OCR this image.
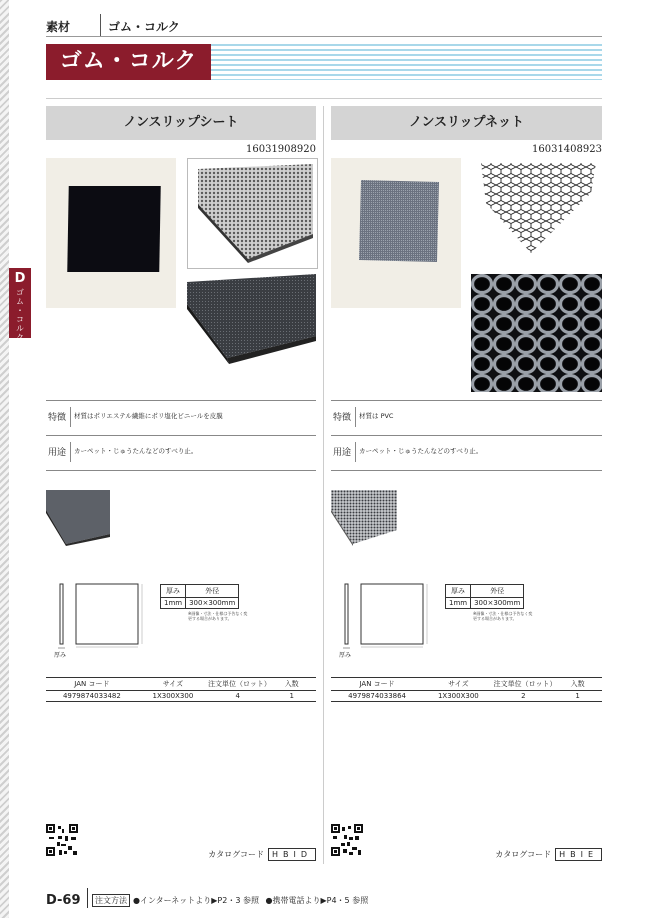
素材	ゴム・コルク
ゴム・コルク
D
ゴム・コルク
ノンスリップシート
16031908920
特徴	材質はポリエステル繊維にポリ塩化ビニールを皮膜
用途	カーペット・じゅうたんなどのすべり止。
厚み
厚み	外径
1mm	300×300mm
※画像・寸法・仕様は予告なく変更する場合があります。
JAN コード	サイズ	注文単位（ロット）	入数
4979874033482	1X300X300	4	1
カタログコード	HBID
ノンスリップネット
16031408923
特徴	材質は PVC
用途	カーペット・じゅうたんなどのすべり止。
厚み
厚み	外径
1mm	300×300mm
※画像・寸法・仕様は予告なく変更する場合があります。
JAN コード	サイズ	注文単位（ロット）	入数
4979874033864	1X300X300	2	1
カタログコード	HBIE
D-69	注文方法 ●インターネットより▶P2・3 参照 ●携帯電話より▶P4・5 参照
